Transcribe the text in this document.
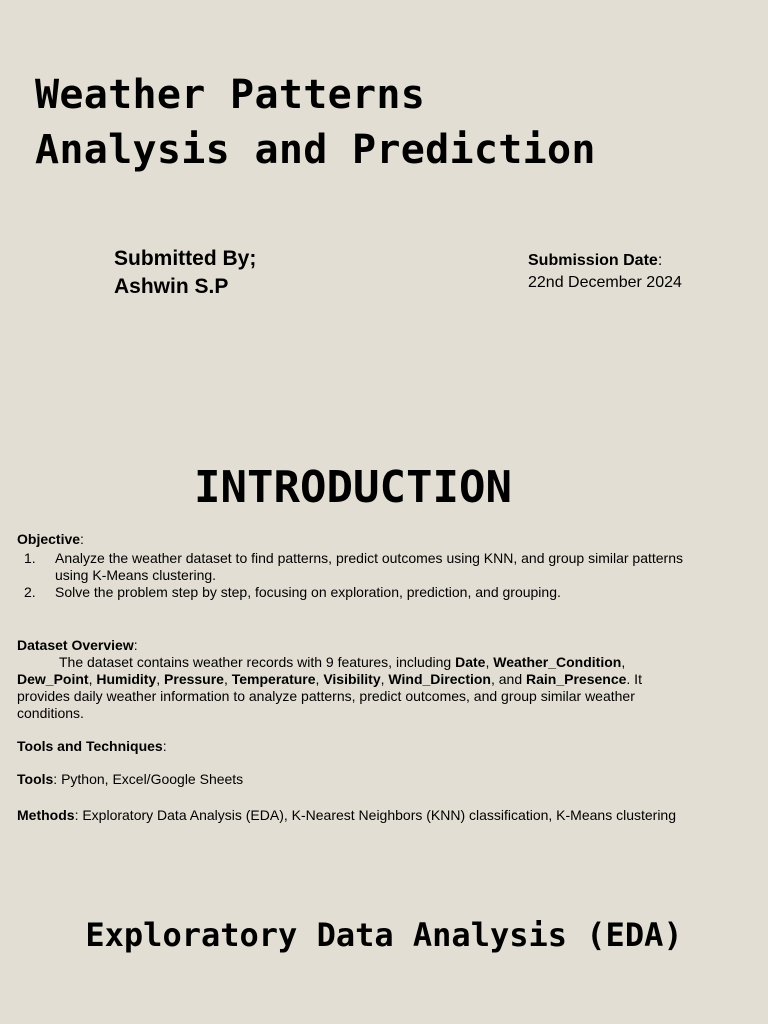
Weather Patterns
Analysis and Prediction
Submitted By;
Ashwin S.P
Submission Date:
22nd December 2024
INTRODUCTION
Objective:
1.	Analyze the weather dataset to find patterns, predict outcomes using KNN, and group similar patterns using K-Means clustering.
2.	Solve the problem step by step, focusing on exploration, prediction, and grouping.
Dataset Overview:
The dataset contains weather records with 9 features, including Date, Weather_Condition, Dew_Point, Humidity, Pressure, Temperature, Visibility, Wind_Direction, and Rain_Presence. It provides daily weather information to analyze patterns, predict outcomes, and group similar weather conditions.
Tools and Techniques:
Tools: Python, Excel/Google Sheets
Methods: Exploratory Data Analysis (EDA), K-Nearest Neighbors (KNN) classification, K-Means clustering
Exploratory Data Analysis (EDA)
